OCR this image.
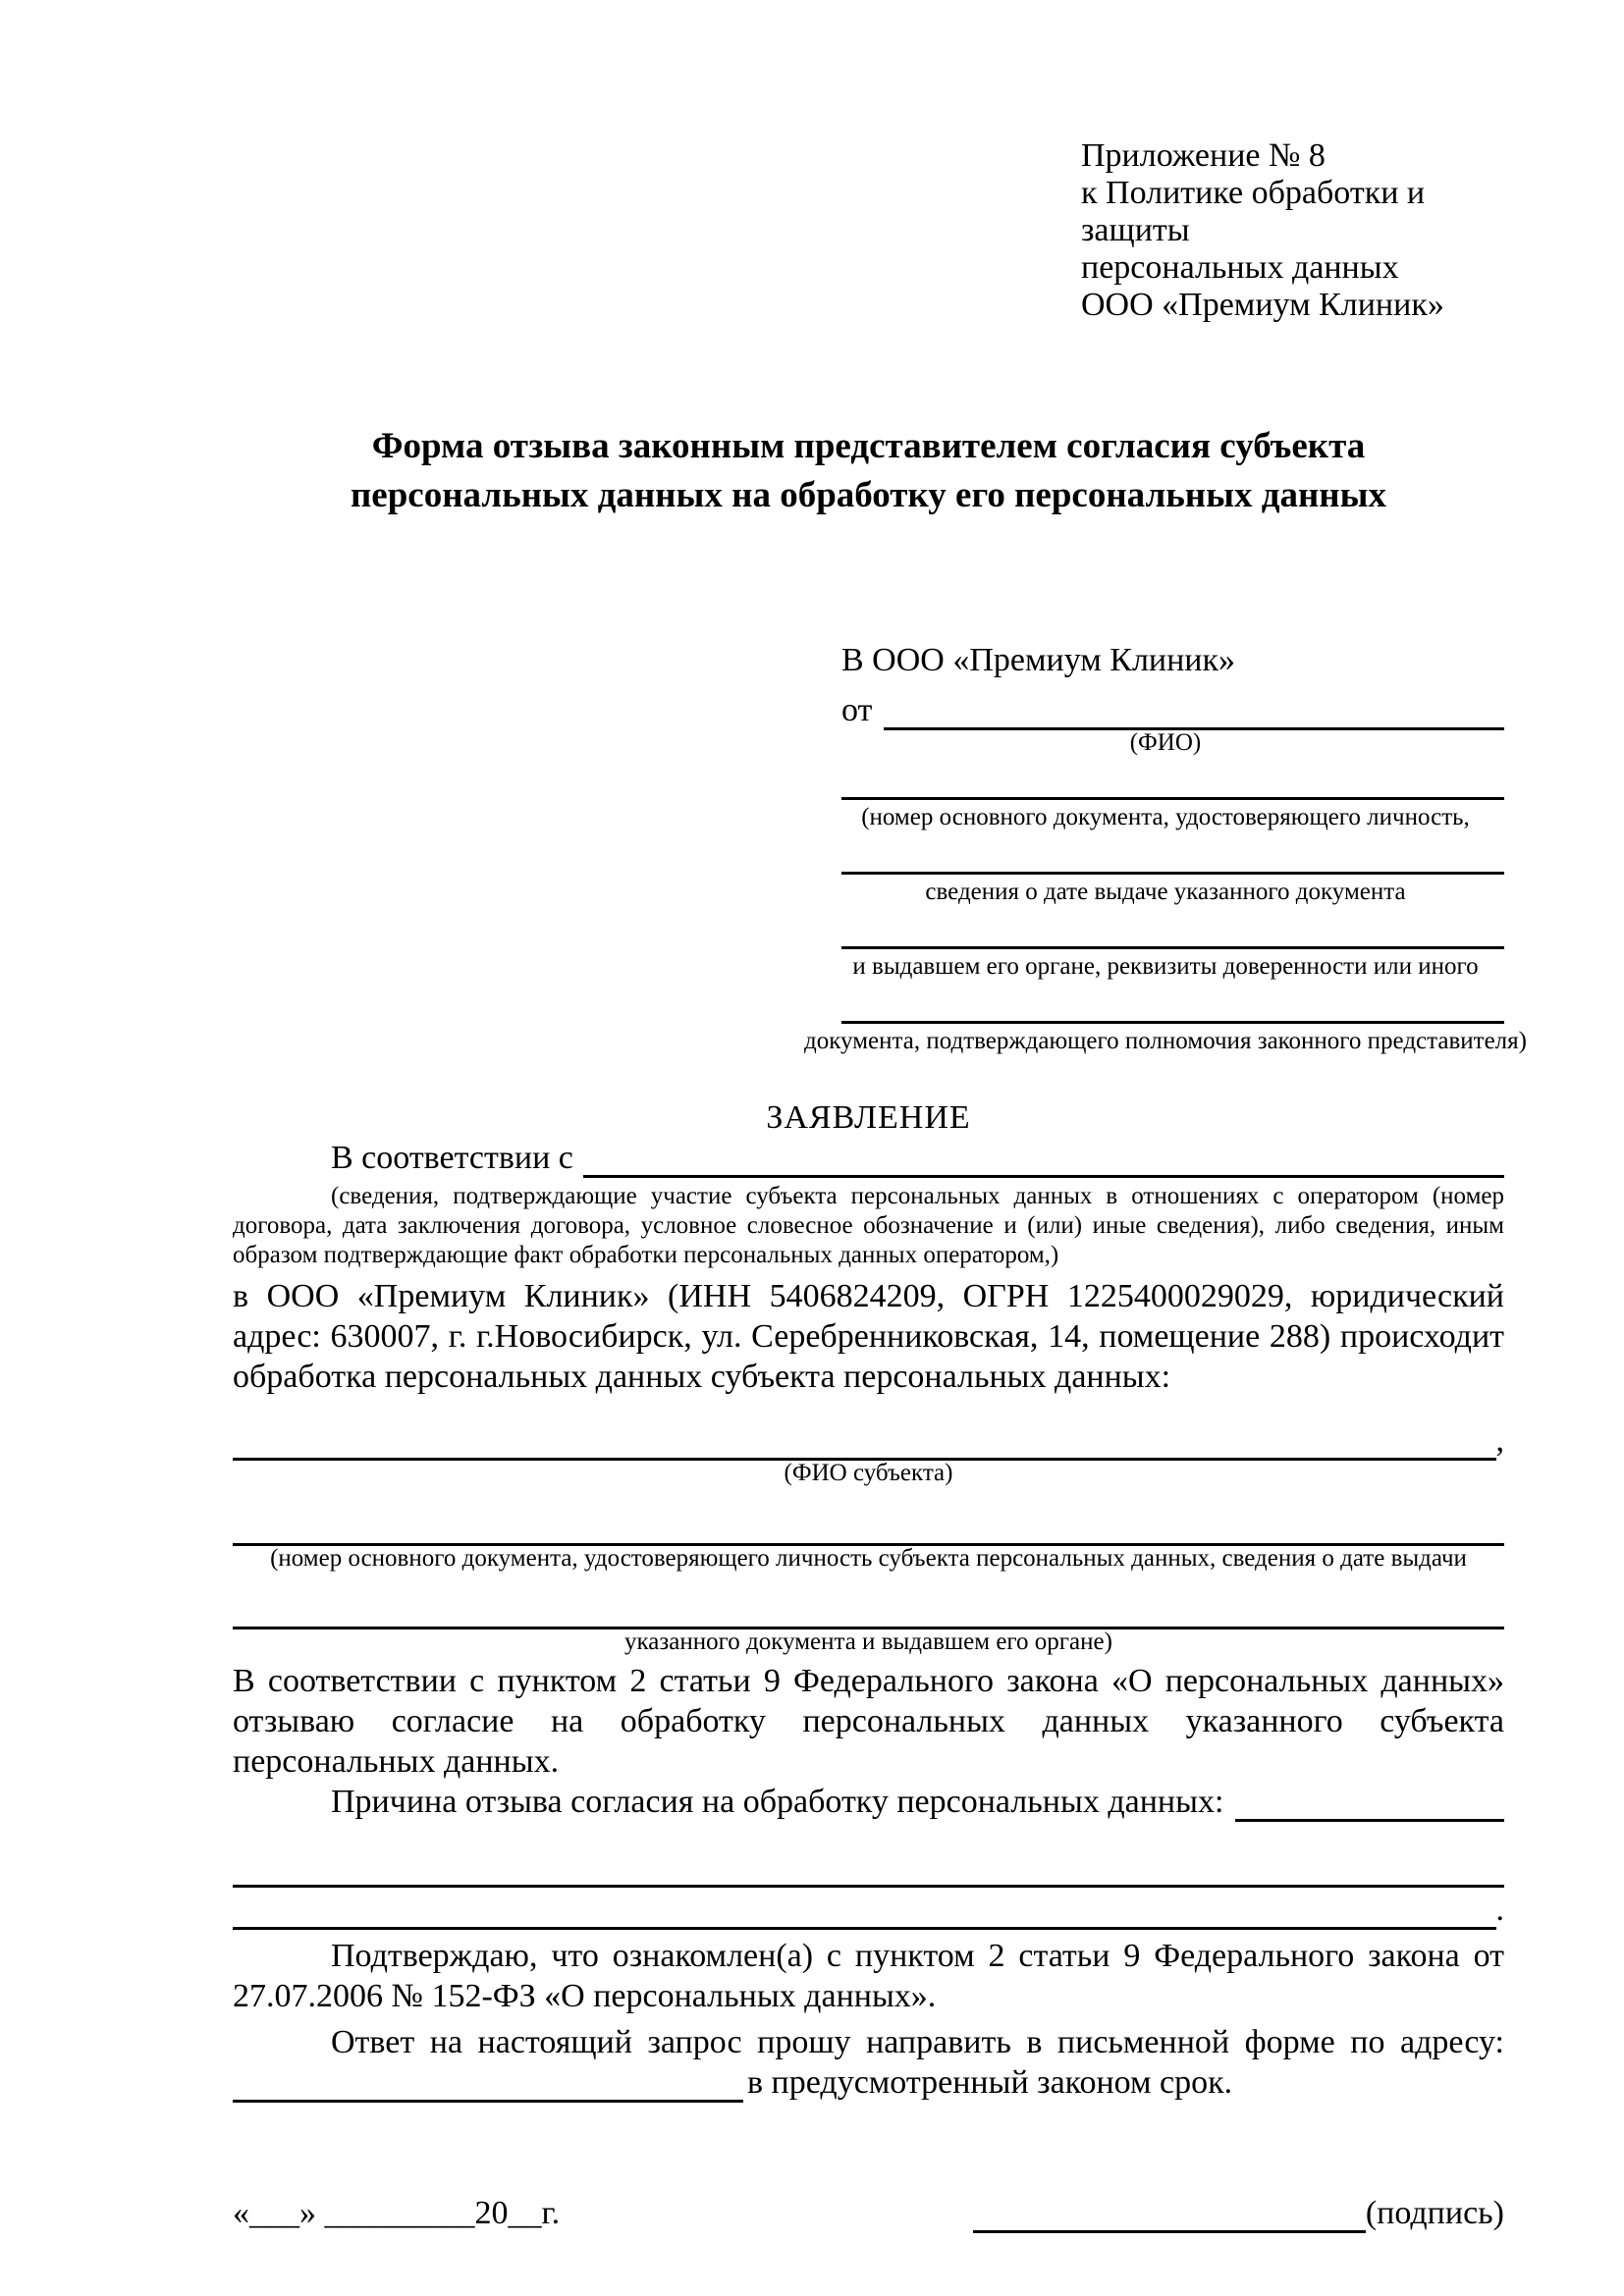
Приложение № 8
к Политике обработки и защиты
персональных данных
ООО «Премиум Клиник»
Форма отзыва законным представителем согласия субъекта
персональных данных на обработку его персональных данных
В ООО «Премиум Клиник»
от
(ФИО)
(номер основного документа, удостоверяющего личность,
сведения о дате выдаче указанного документа
и выдавшем его органе, реквизиты доверенности или иного
документа, подтверждающего полномочия законного представителя)
ЗАЯВЛЕНИЕ
В соответствии с

(сведения, подтверждающие участие субъекта персональных данных в отношениях с оператором (номер договора, дата заключения договора, условное словесное обозначение и (или) иные сведения), либо сведения, иным образом подтверждающие факт обработки персональных данных оператором,)

в ООО «Премиум Клиник» (ИНН 5406824209, ОГРН 1225400029029, юридический адрес: 630007, г. г.Новосибирск, ул. Серебренниковская, 14, помещение 288) происходит обработка персональных данных субъекта персональных данных:

,
(ФИО субъекта)
(номер основного документа, удостоверяющего личность субъекта персональных данных, сведения о дате выдачи
указанного документа и выдавшем его органе)

В соответствии с пунктом 2 статьи 9 Федерального закона «О персональных данных» отзываю согласие на обработку персональных данных указанного субъекта персональных данных.

Причина отзыва согласия на обработку персональных данных:
.

Подтверждаю, что ознакомлен(а) с пунктом 2 статьи 9 Федерального закона от 27.07.2006 № 152-ФЗ «О персональных данных».

Ответ на настоящий запрос прошу направить в письменной форме по адресу:

в предусмотренный законом срок.
«___» _________20__г.	(подпись)
